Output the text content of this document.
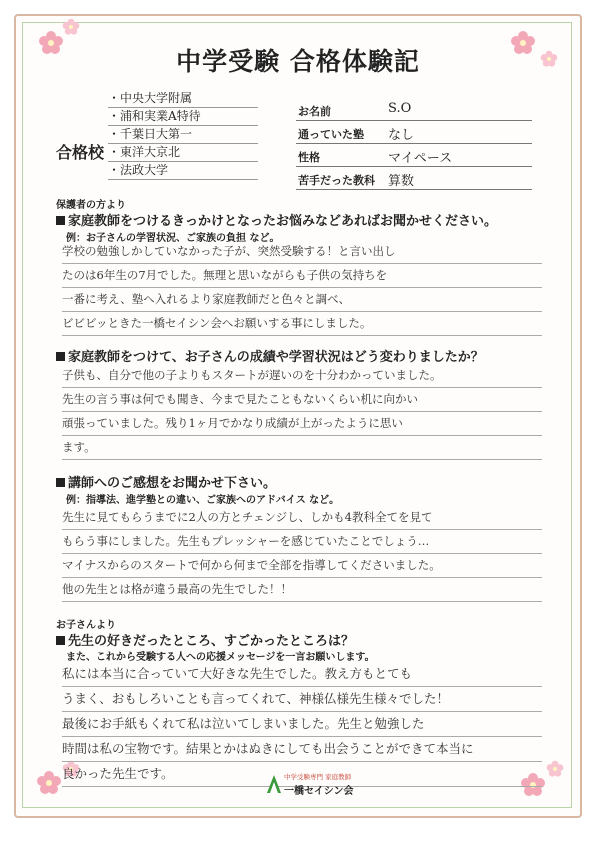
中学受験 合格体験記
合格校
・中央大学附属
・浦和実業A特待
・千葉日大第一
・東洋大京北
・法政大学
お名前	S.O
通っていた塾 なし
性格	マイペース
苦手だった教科 算数
保護者の方より
家庭教師をつけるきっかけとなったお悩みなどあればお聞かせください。
例：お子さんの学習状況、ご家族の負担 など。
学校の勉強しかしていなかった子が、突然受験する！と言い出し
たのは6年生の7月でした。無理と思いながらも子供の気持ちを
一番に考え、塾へ入れるより家庭教師だと色々と調べ、
ビビビッときた一橋セイシン会へお願いする事にしました。
家庭教師をつけて、お子さんの成績や学習状況はどう変わりましたか？
子供も、自分で他の子よりもスタートが遅いのを十分わかっていました。
先生の言う事は何でも聞き、今まで見たこともないくらい机に向かい
頑張っていました。残り1ヶ月でかなり成績が上がったように思い
ます。
講師へのご感想をお聞かせ下さい。
例：指導法、進学塾との違い、ご家族へのアドバイス など。
先生に見てもらうまでに2人の方とチェンジし、しかも4教科全てを見て
もらう事にしました。先生もプレッシャーを感じていたことでしょう…
マイナスからのスタートで何から何まで全部を指導してくださいました。
他の先生とは格が違う最高の先生でした！！
お子さんより
先生の好きだったところ、すごかったところは？
また、これから受験する人への応援メッセージを一言お願いします。
私には本当に合っていて大好きな先生でした。教え方もとても
うまく、おもしろいことも言ってくれて、神様仏様先生様々でした！
最後にお手紙もくれて私は泣いてしまいました。先生と勉強した
時間は私の宝物です。結果とかはぬきにしても出会うことができて本当に
良かった先生です。	中学受験専門 家庭教師
一橋セイシン会
